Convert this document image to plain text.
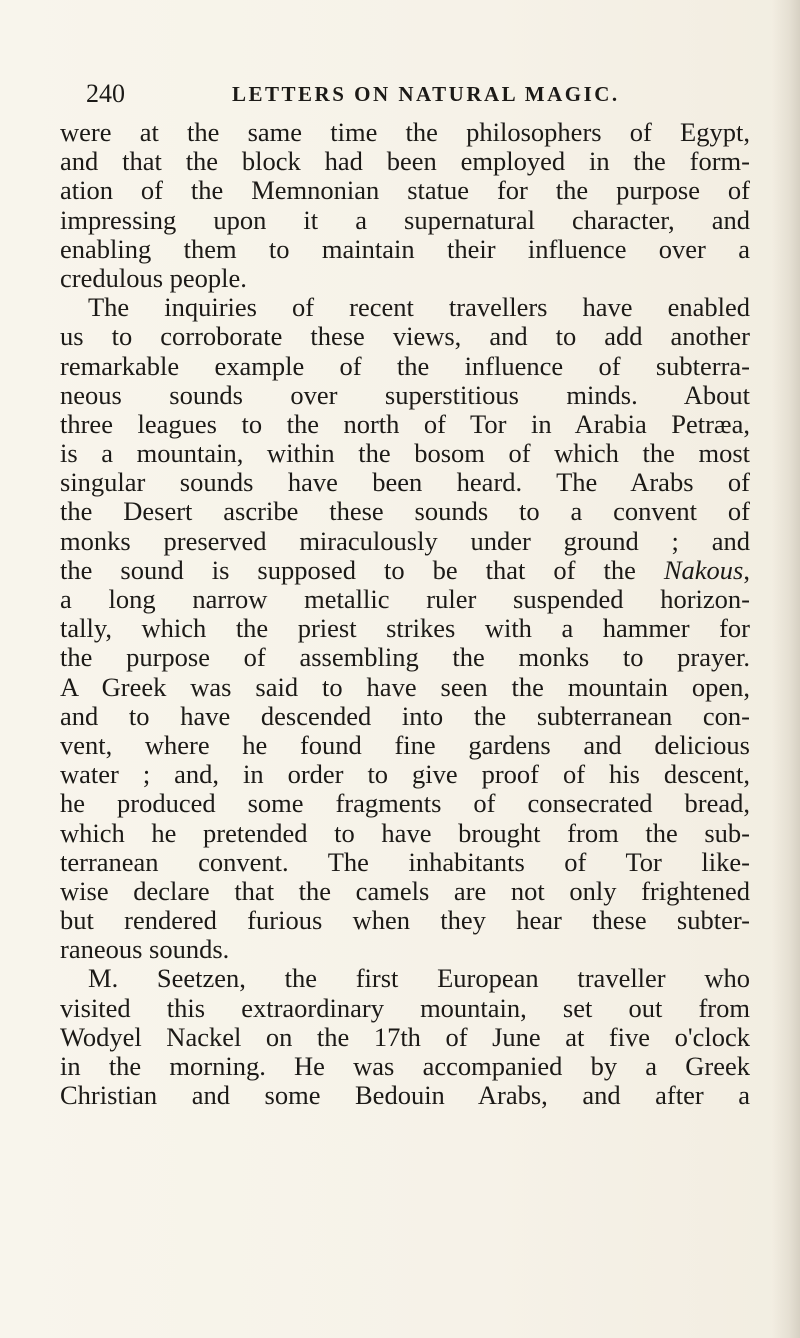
240	LETTERS ON NATURAL MAGIC.
were at the same time the philosophers of Egypt,
and that the block had been employed in the form-
ation of the Memnonian statue for the purpose of
impressing upon it a supernatural character, and
enabling them to maintain their influence over a
credulous people.
The inquiries of recent travellers have enabled
us to corroborate these views, and to add another
remarkable example of the influence of subterra-
neous sounds over superstitious minds. About
three leagues to the north of Tor in Arabia Petræa,
is a mountain, within the bosom of which the most
singular sounds have been heard. The Arabs of
the Desert ascribe these sounds to a convent of
monks preserved miraculously under ground ; and
the sound is supposed to be that of the Nakous,
a long narrow metallic ruler suspended horizon-
tally, which the priest strikes with a hammer for
the purpose of assembling the monks to prayer.
A Greek was said to have seen the mountain open,
and to have descended into the subterranean con-
vent, where he found fine gardens and delicious
water ; and, in order to give proof of his descent,
he produced some fragments of consecrated bread,
which he pretended to have brought from the sub-
terranean convent. The inhabitants of Tor like-
wise declare that the camels are not only frightened
but rendered furious when they hear these subter-
raneous sounds.
M. Seetzen, the first European traveller who
visited this extraordinary mountain, set out from
Wodyel Nackel on the 17th of June at five o'clock
in the morning. He was accompanied by a Greek
Christian and some Bedouin Arabs, and after a
